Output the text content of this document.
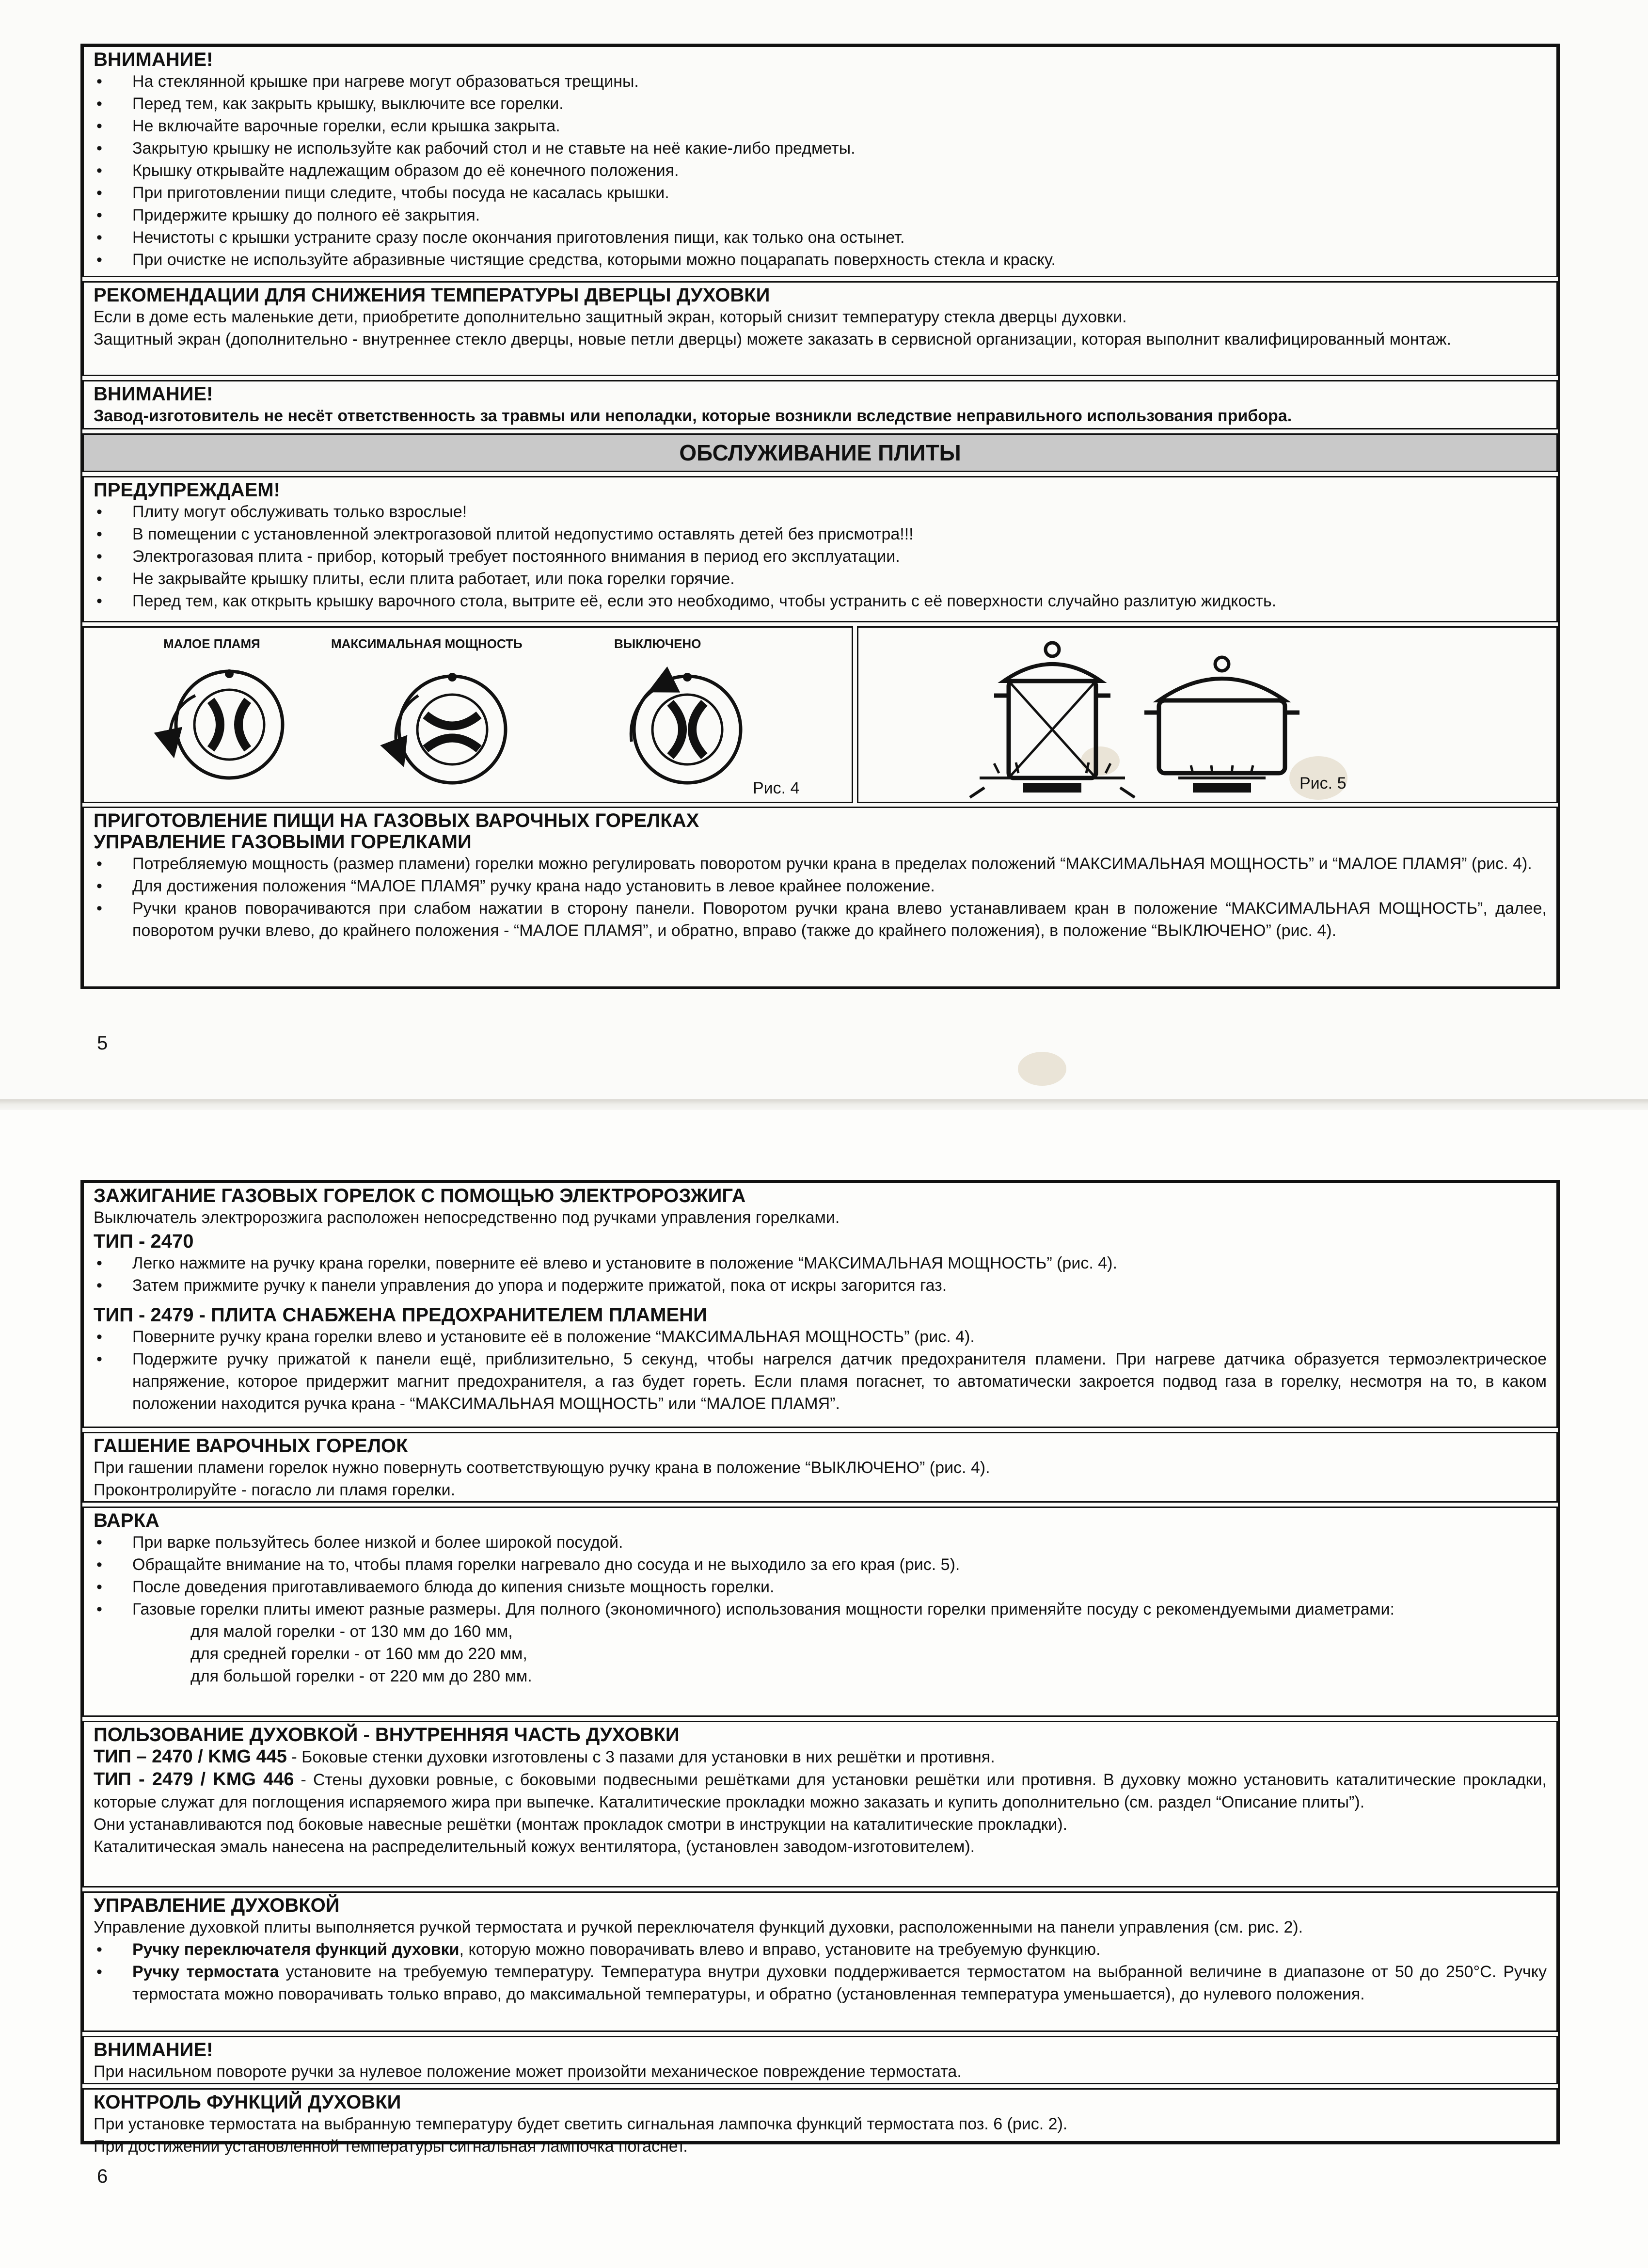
ВНИМАНИЕ!

• На стеклянной крышке при нагреве могут образоваться трещины.
• Перед тем, как закрыть крышку, выключите все горелки.
• Не включайте варочные горелки, если крышка закрыта.
• Закрытую крышку не используйте как рабочий стол и не ставьте на неё какие-либо предметы.
• Крышку открывайте надлежащим образом до её конечного положения.
• При приготовлении пищи следите, чтобы посуда не касалась крышки.
• Придержите крышку до полного её закрытия.
• Нечистоты с крышки устраните сразу после окончания приготовления пищи, как только она остынет.
• При очистке не используйте абразивные чистящие средства, которыми можно поцарапать поверхность стекла и краску.

РЕКОМЕНДАЦИИ ДЛЯ СНИЖЕНИЯ ТЕМПЕРАТУРЫ ДВЕРЦЫ ДУХОВКИ

Если в доме есть маленькие дети, приобретите дополнительно защитный экран, который снизит температуру стекла дверцы духовки.

Защитный экран (дополнительно - внутреннее стекло дверцы, новые петли дверцы) можете заказать в сервисной организации, которая выполнит квалифицированный монтаж.

ВНИМАНИЕ!

Завод-изготовитель не несёт ответственность за травмы или неполадки, которые возникли вследствие неправильного использования прибора.

ОБСЛУЖИВАНИЕ ПЛИТЫ

ПРЕДУПРЕЖДАЕМ!

• Плиту могут обслуживать только взрослые!
• В помещении с установленной электрогазовой плитой недопустимо оставлять детей без присмотра!!!
• Электрогазовая плита - прибор, который требует постоянного внимания в период его эксплуатации.
• Не закрывайте крышку плиты, если плита работает, или пока горелки горячие.
• Перед тем, как открыть крышку варочного стола, вытрите её, если это необходимо, чтобы устранить с её поверхности случайно разлитую жидкость.
МАЛОЕ ПЛАМЯ	МАКСИМАЛЬНАЯ МОЩНОСТЬ	ВЫКЛЮЧЕНО
Рис. 4	Рис. 5

ПРИГОТОВЛЕНИЕ ПИЩИ НА ГАЗОВЫХ ВАРОЧНЫХ ГОРЕЛКАХ

УПРАВЛЕНИЕ ГАЗОВЫМИ ГОРЕЛКАМИ

• Потребляемую мощность (размер пламени) горелки можно регулировать поворотом ручки крана в пределах положений “МАКСИМАЛЬНАЯ МОЩНОСТЬ” и “МАЛОЕ ПЛАМЯ” (рис. 4).
• Для достижения положения “МАЛОЕ ПЛАМЯ” ручку крана надо установить в левое крайнее положение.
• Ручки кранов поворачиваются при слабом нажатии в сторону панели. Поворотом ручки крана влево устанавливаем кран в положение “МАКСИМАЛЬНАЯ МОЩНОСТЬ”, далее, поворотом ручки влево, до крайнего положения - “МАЛОЕ ПЛАМЯ”, и обратно, вправо (также до крайнего положения), в положение “ВЫКЛЮЧЕНО” (рис. 4).
5

ЗАЖИГАНИЕ ГАЗОВЫХ ГОРЕЛОК С ПОМОЩЬЮ ЭЛЕКТРОРОЗЖИГА

Выключатель электророзжига расположен непосредственно под ручками управления горелками.

ТИП - 2470

• Легко нажмите на ручку крана горелки, поверните её влево и установите в положение “МАКСИМАЛЬНАЯ МОЩНОСТЬ” (рис. 4).
• Затем прижмите ручку к панели управления до упора и подержите прижатой, пока от искры загорится газ.

ТИП - 2479 - ПЛИТА СНАБЖЕНА ПРЕДОХРАНИТЕЛЕМ ПЛАМЕНИ

• Поверните ручку крана горелки влево и установите её в положение “МАКСИМАЛЬНАЯ МОЩНОСТЬ” (рис. 4).
• Подержите ручку прижатой к панели ещё, приблизительно, 5 секунд, чтобы нагрелся датчик предохранителя пламени. При нагреве датчика образуется термоэлектрическое напряжение, которое придержит магнит предохранителя, а газ будет гореть. Если пламя погаснет, то автоматически закроется подвод газа в горелку, несмотря на то, в каком положении находится ручка крана - “МАКСИМАЛЬНАЯ МОЩНОСТЬ” или “МАЛОЕ ПЛАМЯ”.

ГАШЕНИЕ ВАРОЧНЫХ ГОРЕЛОК

При гашении пламени горелок нужно повернуть соответствующую ручку крана в положение “ВЫКЛЮЧЕНО” (рис. 4).

Проконтролируйте - погасло ли пламя горелки.

ВАРКА

• При варке пользуйтесь более низкой и более широкой посудой.
• Обращайте внимание на то, чтобы пламя горелки нагревало дно сосуда и не выходило за его края (рис. 5).
• После доведения приготавливаемого блюда до кипения снизьте мощность горелки.
• Газовые горелки плиты имеют разные размеры. Для полного (экономичного) использования мощности горелки применяйте посуду с рекомендуемыми диаметрами:

для малой горелки - от 130 мм до 160 мм,

для средней горелки - от 160 мм до 220 мм,

для большой горелки - от 220 мм до 280 мм.

ПОЛЬЗОВАНИЕ ДУХОВКОЙ - ВНУТРЕННЯЯ ЧАСТЬ ДУХОВКИ

ТИП – 2470 / KMG 445 - Боковые стенки духовки изготовлены с 3 пазами для установки в них решётки и противня.

ТИП - 2479 / KMG 446 - Стены духовки ровные, с боковыми подвесными решётками для установки решётки или противня. В духовку можно установить каталитические прокладки, которые служат для поглощения испаряемого жира при выпечке. Каталитические прокладки можно заказать и купить дополнительно (см. раздел “Описание плиты”).

Они устанавливаются под боковые навесные решётки (монтаж прокладок смотри в инструкции на каталитические прокладки).

Каталитическая эмаль нанесена на распределительный кожух вентилятора, (установлен заводом-изготовителем).

УПРАВЛЕНИЕ ДУХОВКОЙ

Управление духовкой плиты выполняется ручкой термостата и ручкой переключателя функций духовки, расположенными на панели управления (см. рис. 2).

• Ручку переключателя функций духовки, которую можно поворачивать влево и вправо, установите на требуемую функцию.
• Ручку термостата установите на требуемую температуру. Температура внутри духовки поддерживается термостатом на выбранной величине в диапазоне от 50 до 250°С. Ручку термостата можно поворачивать только вправо, до максимальной температуры, и обратно (установленная температура уменьшается), до нулевого положения.

ВНИМАНИЕ!

При насильном повороте ручки за нулевое положение может произойти механическое повреждение термостата.

КОНТРОЛЬ ФУНКЦИЙ ДУХОВКИ

При установке термостата на выбранную температуру будет светить сигнальная лампочка функций термостата поз. 6 (рис. 2).

При достижении установленной температуры сигнальная лампочка погаснет.

6
